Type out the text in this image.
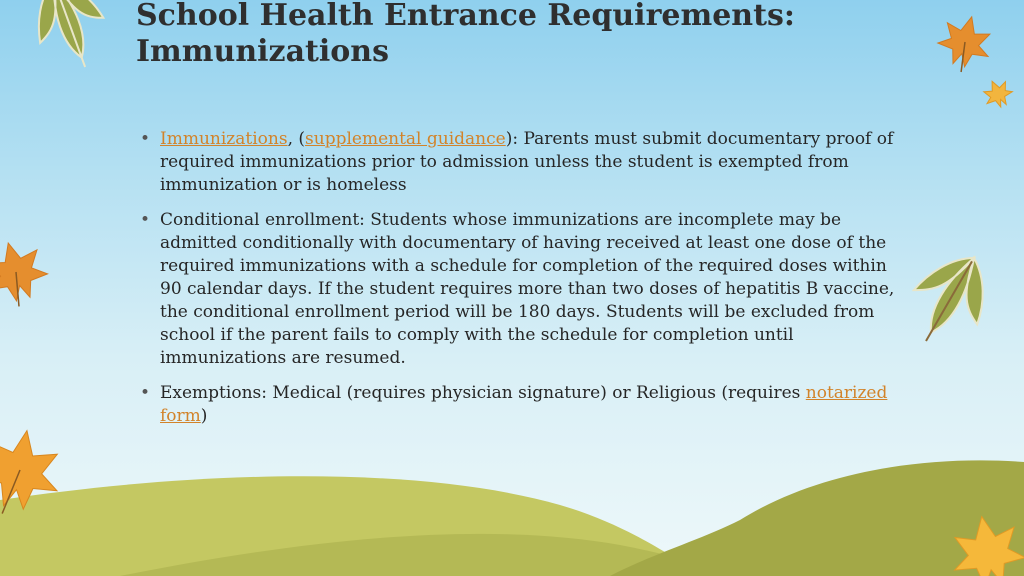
School Health Entrance Requirements:
Immunizations
• Immunizations, (supplemental guidance): Parents must submit documentary proof of required immunizations prior to admission unless the student is exempted from immunization or is homeless
• Conditional enrollment: Students whose immunizations are incomplete may be admitted conditionally with documentary of having received at least one dose of the required immunizations with a schedule for completion of the required doses within 90 calendar days. If the student requires more than two doses of hepatitis B vaccine, the conditional enrollment period will be 180 days. Students will be excluded from school if the parent fails to comply with the schedule for completion until immunizations are resumed.
• Exemptions: Medical (requires physician signature) or Religious (requires notarized form)
